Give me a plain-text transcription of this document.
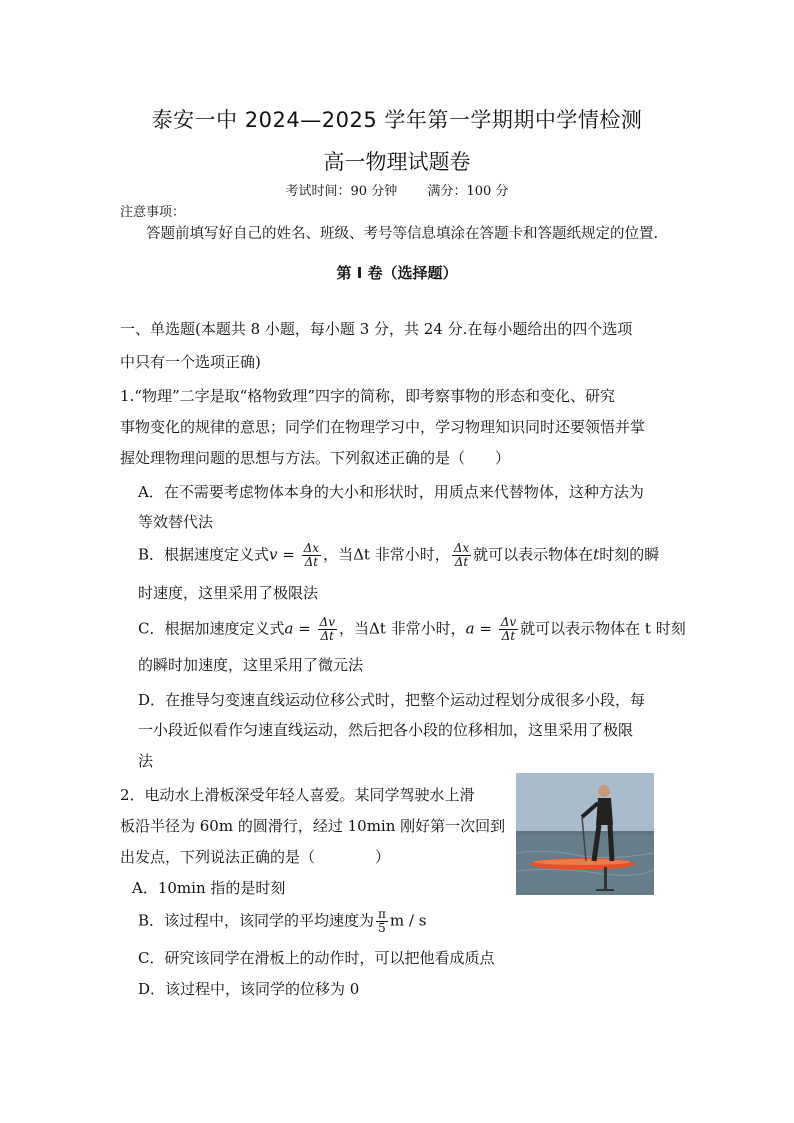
泰安一中 2024—2025 学年第一学期期中学情检测
高一物理试题卷
考试时间：90 分钟 满分：100 分
注意事项：
答题前填写好自己的姓名、班级、考号等信息填涂在答题卡和答题纸规定的位置.
第 I 卷（选择题）
一、单选题(本题共 8 小题，每小题 3 分，共 24 分.在每小题给出的四个选项
中只有一个选项正确)
1.“物理”二字是取“格物致理”四字的简称，即考察事物的形态和变化、研究
事物变化的规律的意思；同学们在物理学习中，学习物理知识同时还要领悟并掌
握处理物理问题的思想与方法。下列叙述正确的是（　　）
A．在不需要考虑物体本身的大小和形状时，用质点来代替物体，这种方法为
等效替代法
B．根据速度定义式$v = \frac{\Delta x}{\Delta t}$ ，当Δt 非常小时， $\frac{\Delta x}{\Delta t}$ 就可以表示物体在t时刻的瞬
时速度，这里采用了极限法
C．根据加速度定义式$a = \frac{\Delta v}{\Delta t}$ ，当Δt 非常小时，$a = \frac{\Delta v}{\Delta t}$ 就可以表示物体在 t 时刻
的瞬时加速度，这里采用了微元法
D．在推导匀变速直线运动位移公式时，把整个运动过程划分成很多小段，每
一小段近似看作匀速直线运动，然后把各小段的位移相加，这里采用了极限
法
2．电动水上滑板深受年轻人喜爱。某同学驾驶水上滑
板沿半径为 60m 的圆滑行，经过 10min 刚好第一次回到
出发点，下列说法正确的是（　　　　）
A．10min 指的是时刻
B．该过程中，该同学的平均速度为 $\frac{\pi}{5}$ m / s
C．研究该同学在滑板上的动作时，可以把他看成质点
D．该过程中，该同学的位移为 0
